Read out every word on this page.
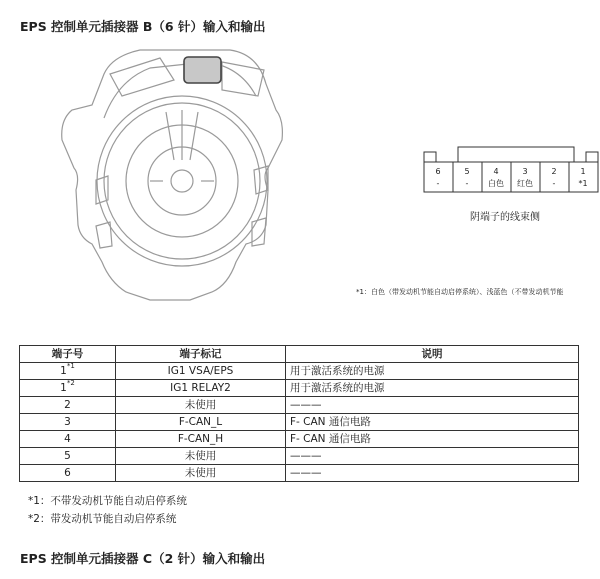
EPS 控制单元插接器 B（6 针）输入和输出
6
-
5
-
4
白色
3
红色
2
-
1
*1
阴端子的线束侧
*1：白色（带发动机节能自动启停系统）、浅蓝色（不带发动机节能
端子号	端子标记	说明
1$^{*1}$	IG1 VSA/EPS	用于激活系统的电源
1$^{*2}$	IG1 RELAY2	用于激活系统的电源
2	未使用	———
3	F-CAN_L	F- CAN 通信电路
4	F-CAN_H	F- CAN 通信电路
5	未使用	———
6	未使用	———
*1：不带发动机节能自动启停系统
*2：带发动机节能自动启停系统
EPS 控制单元插接器 C（2 针）输入和输出
